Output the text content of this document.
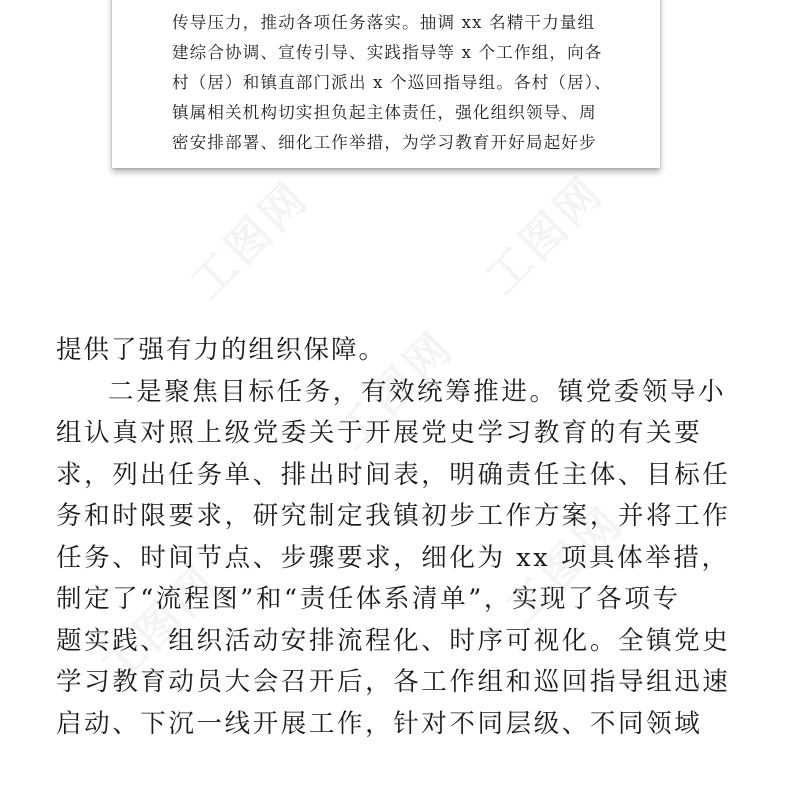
工图网	工图网
工图网
工图网
工图网
传导压力，推动各项任务落实。抽调 xx 名精干力量组
建综合协调、宣传引导、实践指导等 x 个工作组，向各
村（居）和镇直部门派出 x 个巡回指导组。各村（居）、
镇属相关机构切实担负起主体责任，强化组织领导、周
密安排部署、细化工作举措，为学习教育开好局起好步
提供了强有力的组织保障。
二是聚焦目标任务，有效统筹推进。镇党委领导小
组认真对照上级党委关于开展党史学习教育的有关要
求，列出任务单、排出时间表，明确责任主体、目标任
务和时限要求，研究制定我镇初步工作方案，并将工作
任务、时间节点、步骤要求，细化为 xx 项具体举措，
制定了“流程图”和“责任体系清单”，实现了各项专
题实践、组织活动安排流程化、时序可视化。全镇党史
学习教育动员大会召开后，各工作组和巡回指导组迅速
启动、下沉一线开展工作，针对不同层级、不同领域
